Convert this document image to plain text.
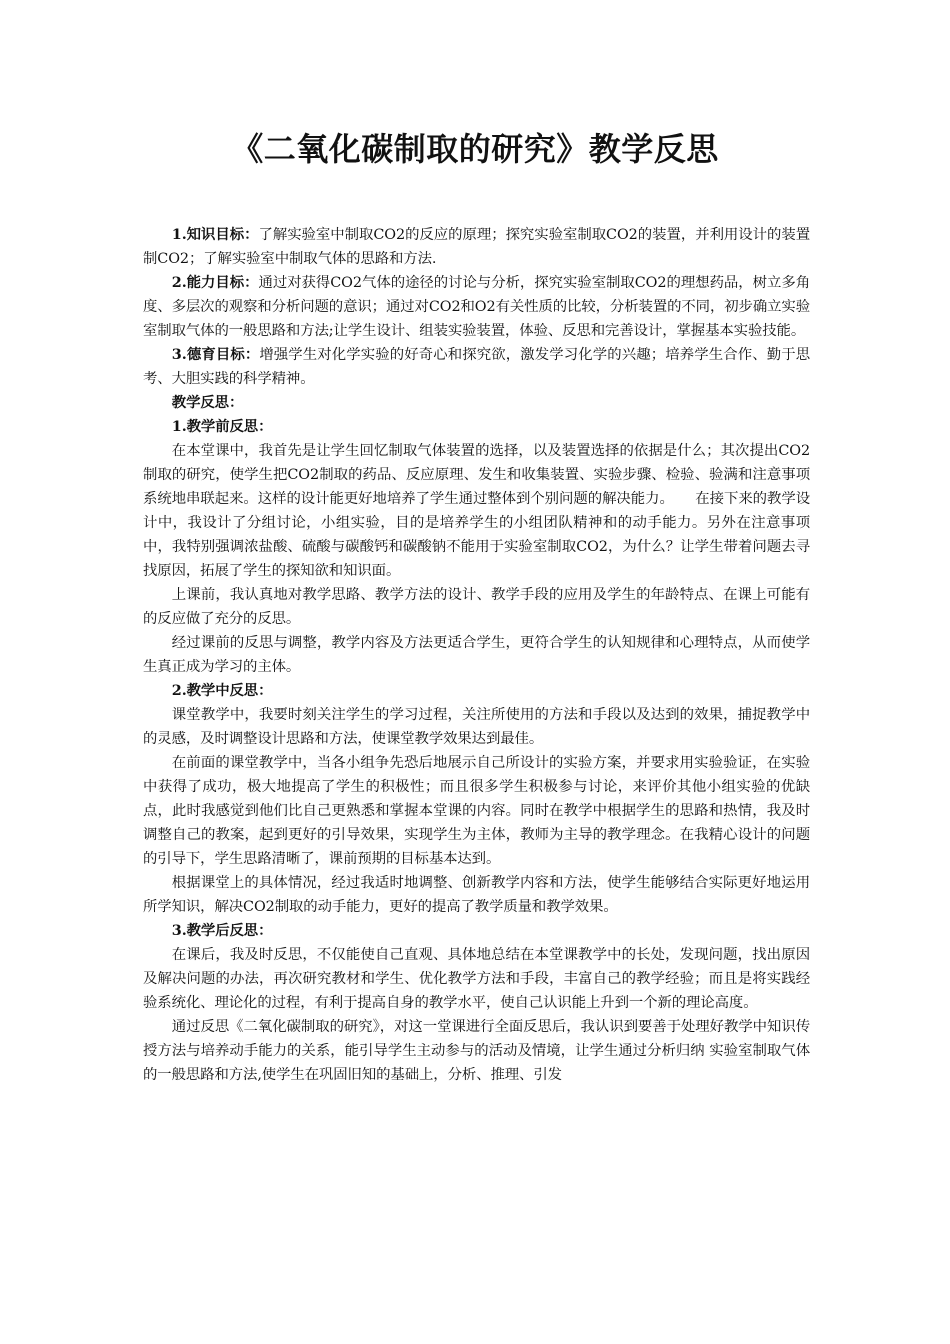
《二氧化碳制取的研究》教学反思

1.知识目标：了解实验室中制取CO2的反应的原理；探究实验室制取CO2的装置，并利用设计的装置制CO2；了解实验室中制取气体的思路和方法.

2.能力目标：通过对获得CO2气体的途径的讨论与分析，探究实验室制取CO2的理想药品，树立多角度、多层次的观察和分析问题的意识；通过对CO2和O2有关性质的比较，分析装置的不同，初步确立实验室制取气体的一般思路和方法;让学生设计、组装实验装置，体验、反思和完善设计，掌握基本实验技能。

3.德育目标：增强学生对化学实验的好奇心和探究欲，激发学习化学的兴趣；培养学生合作、勤于思考、大胆实践的科学精神。

教学反思：

1.教学前反思：

在本堂课中，我首先是让学生回忆制取气体装置的选择，以及装置选择的依据是什么；其次提出CO2制取的研究，使学生把CO2制取的药品、反应原理、发生和收集装置、实验步骤、检验、验满和注意事项系统地串联起来。这样的设计能更好地培养了学生通过整体到个别问题的解决能力。　　在接下来的教学设计中，我设计了分组讨论，小组实验，目的是培养学生的小组团队精神和的动手能力。另外在注意事项中，我特别强调浓盐酸、硫酸与碳酸钙和碳酸钠不能用于实验室制取CO2，为什么？让学生带着问题去寻找原因，拓展了学生的探知欲和知识面。

上课前，我认真地对教学思路、教学方法的设计、教学手段的应用及学生的年龄特点、在课上可能有的反应做了充分的反思。

经过课前的反思与调整，教学内容及方法更适合学生，更符合学生的认知规律和心理特点，从而使学生真正成为学习的主体。

2.教学中反思：

课堂教学中，我要时刻关注学生的学习过程，关注所使用的方法和手段以及达到的效果，捕捉教学中的灵感，及时调整设计思路和方法，使课堂教学效果达到最佳。

在前面的课堂教学中，当各小组争先恐后地展示自己所设计的实验方案，并要求用实验验证，在实验中获得了成功，极大地提高了学生的积极性；而且很多学生积极参与讨论，来评价其他小组实验的优缺点，此时我感觉到他们比自己更熟悉和掌握本堂课的内容。同时在教学中根据学生的思路和热情，我及时调整自己的教案，起到更好的引导效果，实现学生为主体，教师为主导的教学理念。在我精心设计的问题的引导下，学生思路清晰了，课前预期的目标基本达到。

根据课堂上的具体情况，经过我适时地调整、创新教学内容和方法，使学生能够结合实际更好地运用所学知识，解决CO2制取的动手能力，更好的提高了教学质量和教学效果。

3.教学后反思：

在课后，我及时反思，不仅能使自己直观、具体地总结在本堂课教学中的长处，发现问题，找出原因及解决问题的办法，再次研究教材和学生、优化教学方法和手段，丰富自己的教学经验；而且是将实践经验系统化、理论化的过程，有利于提高自身的教学水平，使自己认识能上升到一个新的理论高度。

通过反思《二氧化碳制取的研究》，对这一堂课进行全面反思后，我认识到要善于处理好教学中知识传授方法与培养动手能力的关系，能引导学生主动参与的活动及情境，让学生通过分析归纳 实验室制取气体的一般思路和方法,使学生在巩固旧知的基础上，分析、推理、引发
